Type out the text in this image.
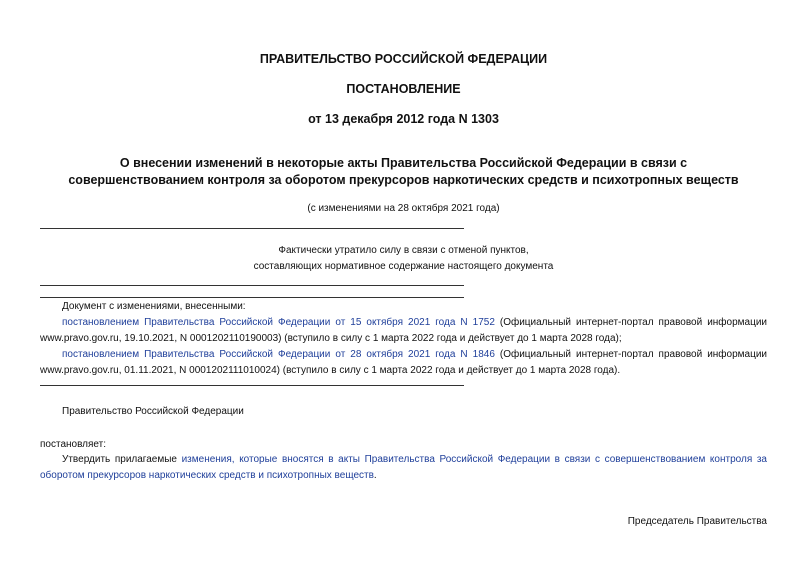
ПРАВИТЕЛЬСТВО РОССИЙСКОЙ ФЕДЕРАЦИИ

ПОСТАНОВЛЕНИЕ

от 13 декабря 2012 года N 1303

О внесении изменений в некоторые акты Правительства Российской Федерации в связи с
совершенствованием контроля за оборотом прекурсоров наркотических средств и психотропных веществ

(с изменениями на 28 октября 2021 года)

Фактически утратило силу в связи с отменой пунктов,
составляющих нормативное содержание настоящего документа

Документ с изменениями, внесенными:

постановлением Правительства Российской Федерации от 15 октября 2021 года N 1752 (Официальный интернет-портал правовой информации www.pravo.gov.ru, 19.10.2021, N 0001202110190003) (вступило в силу с 1 марта 2022 года и действует до 1 марта 2028 года);

постановлением Правительства Российской Федерации от 28 октября 2021 года N 1846 (Официальный интернет-портал правовой информации www.pravo.gov.ru, 01.11.2021, N 0001202111010024) (вступило в силу с 1 марта 2022 года и действует до 1 марта 2028 года).

Правительство Российской Федерации

постановляет:

Утвердить прилагаемые изменения, которые вносятся в акты Правительства Российской Федерации в связи с совершенствованием контроля за оборотом прекурсоров наркотических средств и психотропных веществ.

Председатель Правительства
